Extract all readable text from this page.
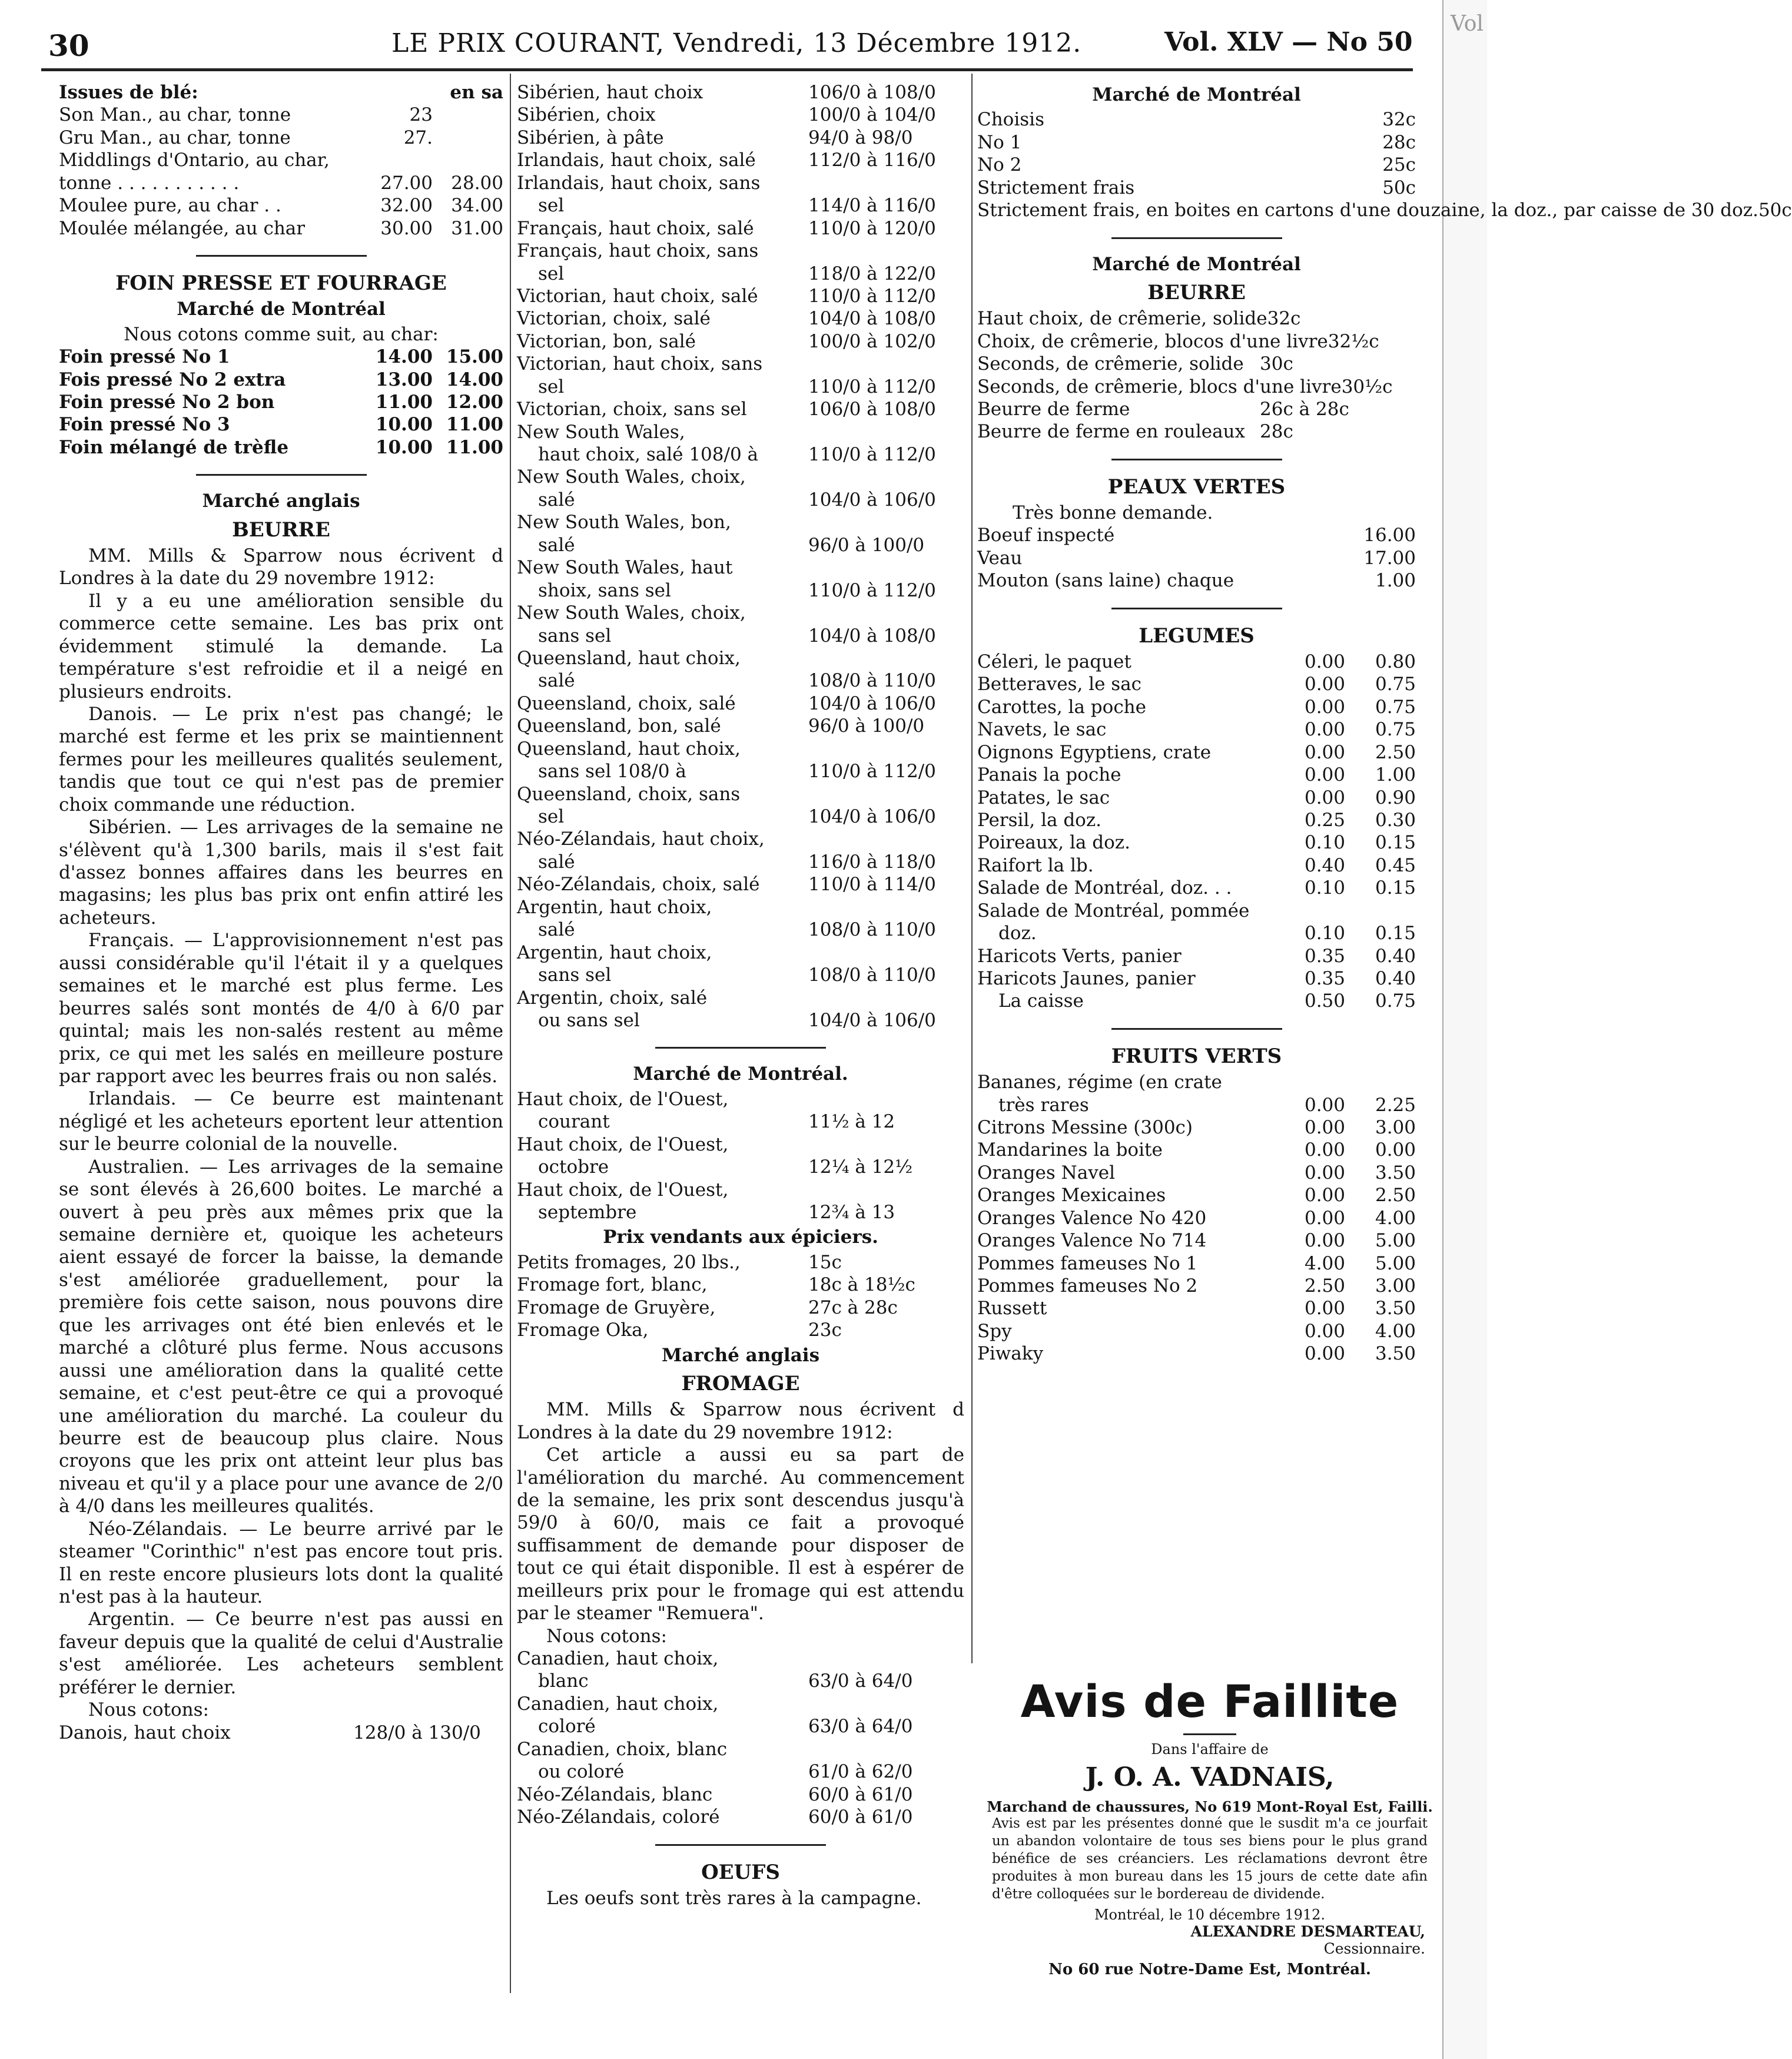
30	LE PRIX COURANT, Vendredi, 13 Décembre 1912.	Vol. XLV — No 50
Vol
Issues de blé:	en sa
Son Man., au char, tonne	23
Gru Man., au char, tonne	27.
Middlings d'Ontario, au char,
tonne . . . . . . . . . . .	27.00	28.00
Moulee pure, au char . .	32.00	34.00
Moulée mélangée, au char	30.00	31.00
FOIN PRESSE ET FOURRAGE
Marché de Montréal
Nous cotons comme suit, au char:
Foin pressé No 1	14.00 15.00
Fois pressé No 2 extra	13.00 14.00
Foin pressé No 2 bon	11.00 12.00
Foin pressé No 3	10.00 11.00
Foin mélangé de trèfle	10.00 11.00
Marché anglais
BEURRE

MM. Mills & Sparrow nous écrivent d Londres à la date du 29 novembre 1912:

Il y a eu une amélioration sensible du commerce cette semaine. Les bas prix ont évidemment stimulé la demande. La température s'est refroidie et il a neigé en plusieurs endroits.

Danois. — Le prix n'est pas changé; le marché est ferme et les prix se maintiennent fermes pour les meilleures qualités seulement, tandis que tout ce qui n'est pas de premier choix commande une réduction.

Sibérien. — Les arrivages de la semaine ne s'élèvent qu'à 1,300 barils, mais il s'est fait d'assez bonnes affaires dans les beurres en magasins; les plus bas prix ont enfin attiré les acheteurs.

Français. — L'approvisionnement n'est pas aussi considérable qu'il l'était il y a quelques semaines et le marché est plus ferme. Les beurres salés sont montés de 4/0 à 6/0 par quintal; mais les non-salés restent au même prix, ce qui met les salés en meilleure posture par rapport avec les beurres frais ou non salés.

Irlandais. — Ce beurre est maintenant négligé et les acheteurs eportent leur attention sur le beurre colonial de la nouvelle.

Australien. — Les arrivages de la semaine se sont élevés à 26,600 boites. Le marché a ouvert à peu près aux mêmes prix que la semaine dernière et, quoique les acheteurs aient essayé de forcer la baisse, la demande s'est améliorée graduellement, pour la première fois cette saison, nous pouvons dire que les arrivages ont été bien enlevés et le marché a clôturé plus ferme. Nous accusons aussi une amélioration dans la qualité cette semaine, et c'est peut-être ce qui a provoqué une amélioration du marché. La couleur du beurre est de beaucoup plus claire. Nous croyons que les prix ont atteint leur plus bas niveau et qu'il y a place pour une avance de 2/0 à 4/0 dans les meilleures qualités.

Néo-Zélandais. — Le beurre arrivé par le steamer "Corinthic" n'est pas encore tout pris. Il en reste encore plusieurs lots dont la qualité n'est pas à la hauteur.

Argentin. — Ce beurre n'est pas aussi en faveur depuis que la qualité de celui d'Australie s'est améliorée. Les acheteurs semblent préférer le dernier.

Nous cotons:
Danois, haut choix	128/0 à 130/0
Sibérien, haut choix	106/0 à 108/0
Sibérien, choix	100/0 à 104/0
Sibérien, à pâte	94/0 à 98/0
Irlandais, haut choix, salé	112/0 à 116/0
Irlandais, haut choix, sans
sel	114/0 à 116/0
Français, haut choix, salé	110/0 à 120/0
Français, haut choix, sans
sel	118/0 à 122/0
Victorian, haut choix, salé	110/0 à 112/0
Victorian, choix, salé	104/0 à 108/0
Victorian, bon, salé	100/0 à 102/0
Victorian, haut choix, sans
sel	110/0 à 112/0
Victorian, choix, sans sel	106/0 à 108/0
New South Wales,
haut choix, salé 108/0 à	110/0 à 112/0
New South Wales, choix,
salé	104/0 à 106/0
New South Wales, bon,
salé	96/0 à 100/0
New South Wales, haut
shoix, sans sel	110/0 à 112/0
New South Wales, choix,
sans sel	104/0 à 108/0
Queensland, haut choix,
salé	108/0 à 110/0
Queensland, choix, salé	104/0 à 106/0
Queensland, bon, salé	96/0 à 100/0
Queensland, haut choix,
sans sel 108/0 à	110/0 à 112/0
Queensland, choix, sans
sel	104/0 à 106/0
Néo-Zélandais, haut choix,
salé	116/0 à 118/0
Néo-Zélandais, choix, salé	110/0 à 114/0
Argentin, haut choix,
salé	108/0 à 110/0
Argentin, haut choix,
sans sel	108/0 à 110/0
Argentin, choix, salé
ou sans sel	104/0 à 106/0
Marché de Montréal.
Haut choix, de l'Ouest,
courant	11½ à 12
Haut choix, de l'Ouest,
octobre	12¼ à 12½
Haut choix, de l'Ouest,
septembre	12¾ à 13
Prix vendants aux épiciers.
Petits fromages, 20 lbs.,	15c
Fromage fort, blanc,	18c à 18½c
Fromage de Gruyère,	27c à 28c
Fromage Oka,	23c
Marché anglais
FROMAGE

MM. Mills & Sparrow nous écrivent d Londres à la date du 29 novembre 1912:

Cet article a aussi eu sa part de l'amélioration du marché. Au commencement de la semaine, les prix sont descendus jusqu'à 59/0 à 60/0, mais ce fait a provoqué suffisamment de demande pour disposer de tout ce qui était disponible. Il est à espérer de meilleurs prix pour le fromage qui est attendu par le steamer "Remuera".

Nous cotons:
Canadien, haut choix,
blanc	63/0 à 64/0
Canadien, haut choix,
coloré	63/0 à 64/0
Canadien, choix, blanc
ou coloré	61/0 à 62/0
Néo-Zélandais, blanc	60/0 à 61/0
Néo-Zélandais, coloré	60/0 à 61/0
OEUFS

Les oeufs sont très rares à la campagne.

Marché de Montréal
Choisis	32c
No 1	28c
No 2	25c
Strictement frais	50c
Strictement frais, en boites en cartons d'une douzaine, la doz., par caisse de 30 doz. 50c
Marché de Montréal
BEURRE
Haut choix, de crêmerie, solide 32c
Choix, de crêmerie, blocos d'une livre 32½c
Seconds, de crêmerie, solide 30c
Seconds, de crêmerie, blocs d'une livre 30½c
Beurre de ferme	26c à 28c
Beurre de ferme en rouleaux 28c
PEAUX VERTES
Très bonne demande.
Boeuf inspecté	16.00
Veau	17.00
Mouton (sans laine) chaque	1.00
LEGUMES
Céleri, le paquet	0.00	0.80
Betteraves, le sac	0.00	0.75
Carottes, la poche	0.00	0.75
Navets, le sac	0.00	0.75
Oignons Egyptiens, crate	0.00	2.50
Panais la poche	0.00	1.00
Patates, le sac	0.00	0.90
Persil, la doz.	0.25	0.30
Poireaux, la doz.	0.10	0.15
Raifort la lb.	0.40	0.45
Salade de Montréal, doz. . .	0.10	0.15
Salade de Montréal, pommée
doz.	0.10	0.15
Haricots Verts, panier	0.35	0.40
Haricots Jaunes, panier	0.35	0.40
La caisse	0.50	0.75
FRUITS VERTS
Bananes, régime (en crate
très rares	0.00	2.25
Citrons Messine (300c)	0.00	3.00
Mandarines la boite	0.00	0.00
Oranges Navel	0.00	3.50
Oranges Mexicaines	0.00	2.50
Oranges Valence No 420	0.00	4.00
Oranges Valence No 714	0.00	5.00
Pommes fameuses No 1	4.00	5.00
Pommes fameuses No 2	2.50	3.00
Russett	0.00	3.50
Spy	0.00	4.00
Piwaky	0.00	3.50
Avis de Faillite
Dans l'affaire de
J. O. A. VADNAIS,
Marchand de chaussures, No 619 Mont-Royal Est, Failli.
Avis est par les présentes donné que le susdit m'a ce jourfait un abandon volontaire de tous ses biens pour le plus grand bénéfice de ses créanciers. Les réclamations devront être produites à mon bureau dans les 15 jours de cette date afin d'être colloquées sur le bordereau de dividende.
Montréal, le 10 décembre 1912.
ALEXANDRE DESMARTEAU,
Cessionnaire.
No 60 rue Notre-Dame Est, Montréal.
